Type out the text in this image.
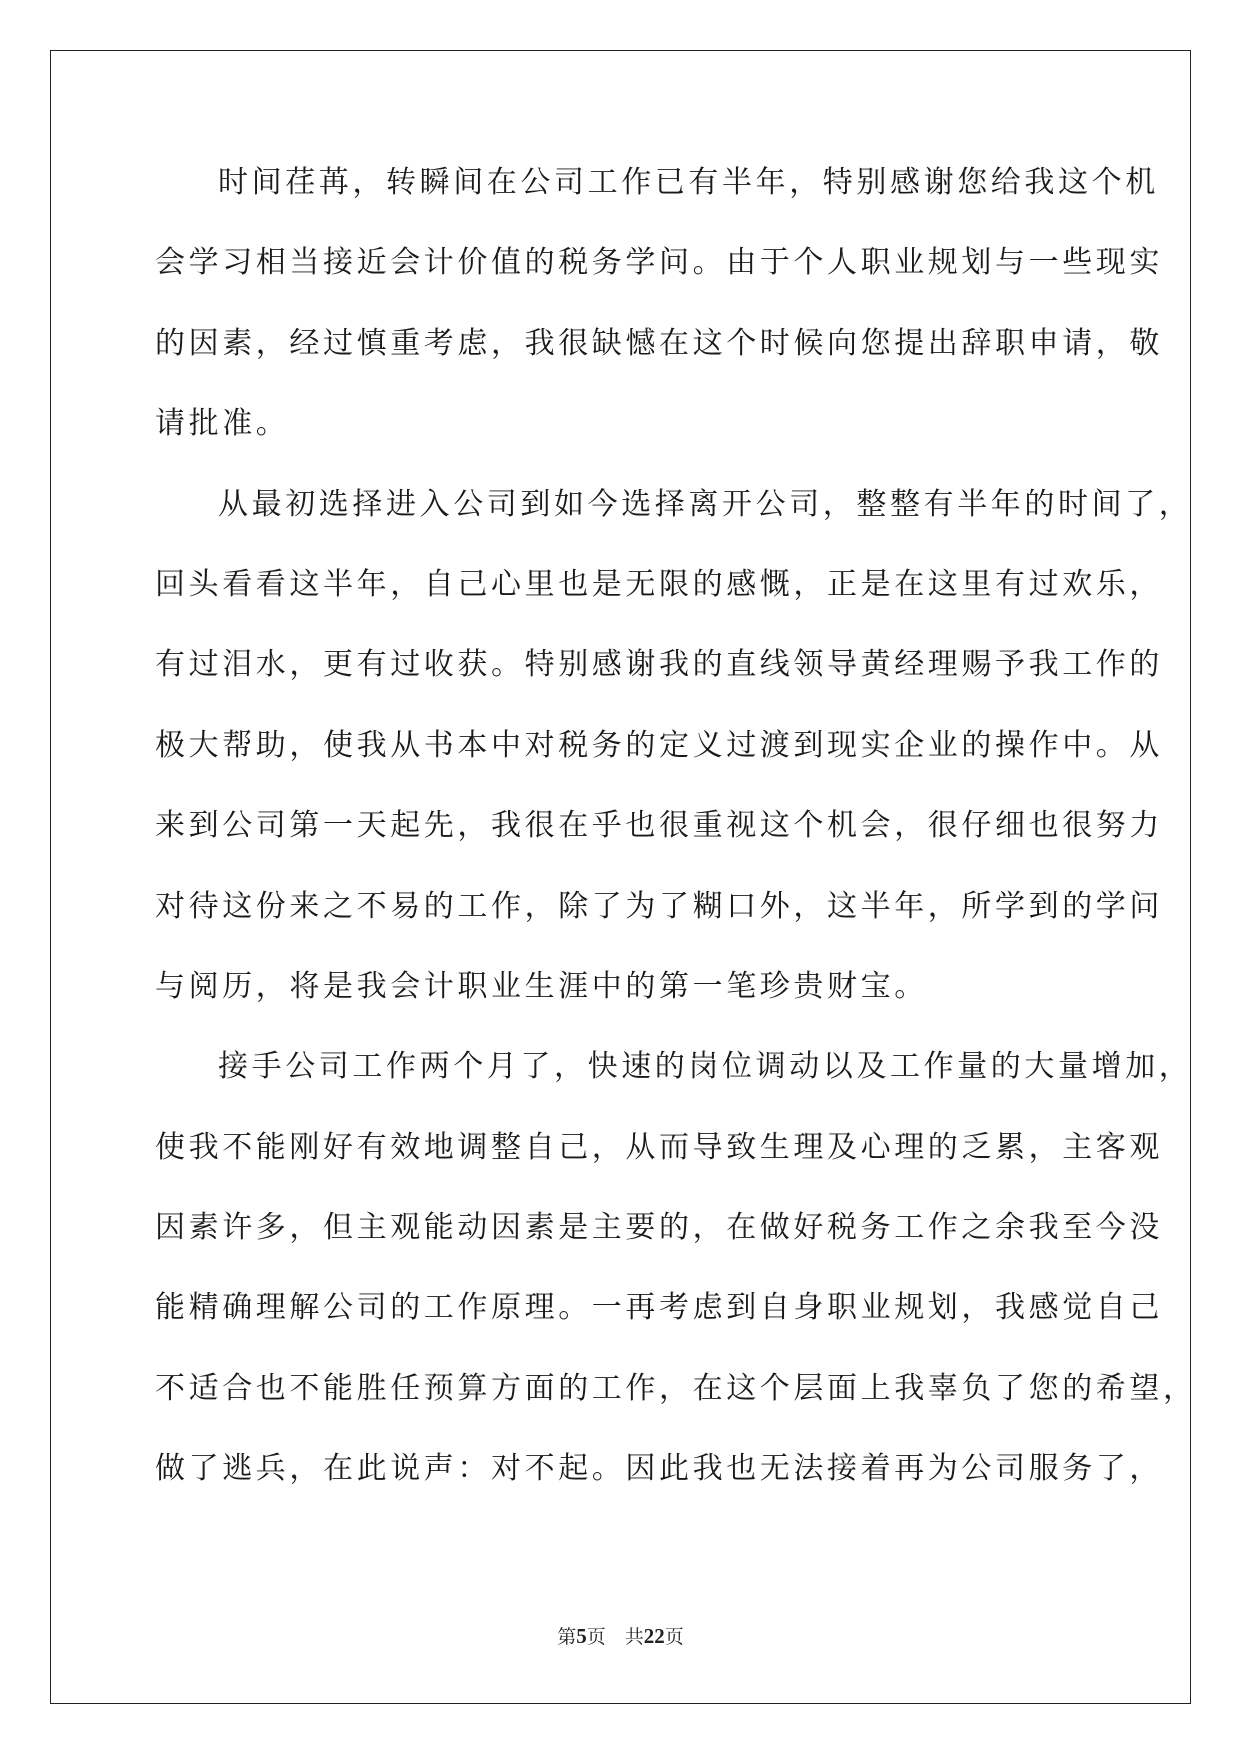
时间荏苒，转瞬间在公司工作已有半年，特别感谢您给我这个机
会学习相当接近会计价值的税务学问。由于个人职业规划与一些现实
的因素，经过慎重考虑，我很缺憾在这个时候向您提出辞职申请，敬
请批准。
从最初选择进入公司到如今选择离开公司，整整有半年的时间了，
回头看看这半年，自己心里也是无限的感慨，正是在这里有过欢乐，
有过泪水，更有过收获。特别感谢我的直线领导黄经理赐予我工作的
极大帮助，使我从书本中对税务的定义过渡到现实企业的操作中。从
来到公司第一天起先，我很在乎也很重视这个机会，很仔细也很努力
对待这份来之不易的工作，除了为了糊口外，这半年，所学到的学问
与阅历，将是我会计职业生涯中的第一笔珍贵财宝。
接手公司工作两个月了，快速的岗位调动以及工作量的大量增加，
使我不能刚好有效地调整自己，从而导致生理及心理的乏累，主客观
因素许多，但主观能动因素是主要的，在做好税务工作之余我至今没
能精确理解公司的工作原理。一再考虑到自身职业规划，我感觉自己
不适合也不能胜任预算方面的工作，在这个层面上我辜负了您的希望，
做了逃兵，在此说声：对不起。因此我也无法接着再为公司服务了，
第5页 共22页
